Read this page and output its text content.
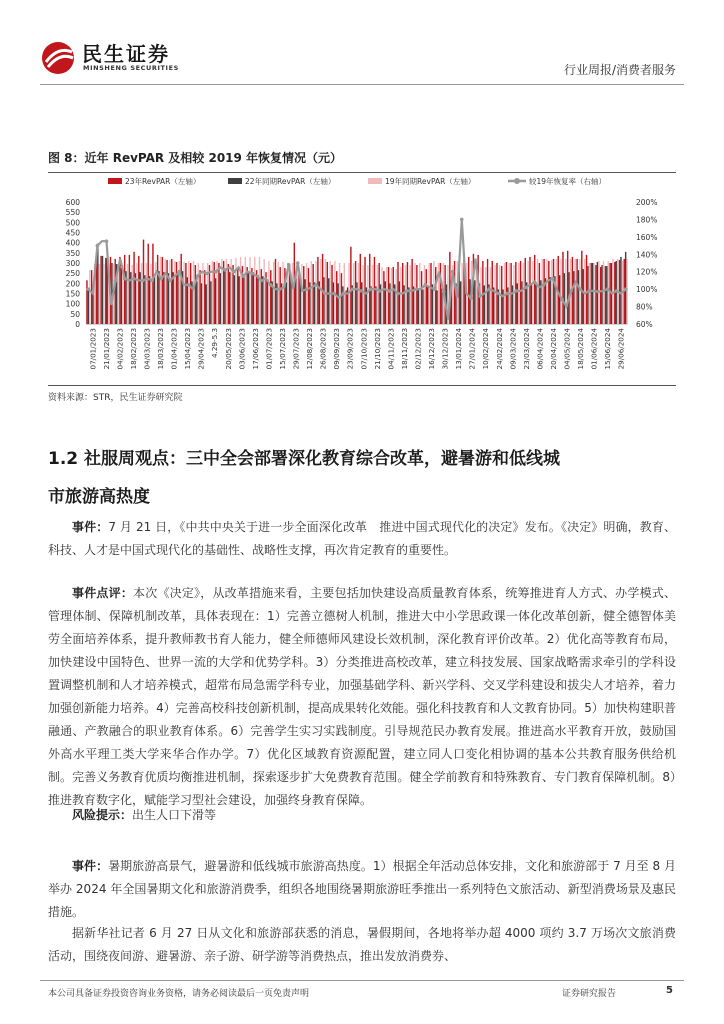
民生证券
MINSHENG SECURITIES	行业周报/消费者服务
图 8：近年 RevPAR 及相较 2019 年恢复情况（元）
23年RevPAR（左轴）	22年同期RevPAR（左轴）	19年同期RevPAR（左轴）	较19年恢复率（右轴）
0
50
100
150
200
250
300
350
400
450
500
550
600
60%
80%
100%
120%
140%
160%
180%
200%
07/01/2023 21/01/2023 04/02/2023 18/02/2023 04/03/2023 18/03/2023 01/04/2023 15/04/2023 29/04/2023 4.29-5.3 20/05/2023 03/06/2023 17/06/2023 01/07/2023 15/07/2023 29/07/2023 12/08/2023 26/08/2023 09/09/2023 23/09/2023 07/10/2023 21/10/2023 04/11/2023 18/11/2023 02/12/2023 16/12/2023 30/12/2023 13/01/2024 27/01/2024 10/02/2024 24/02/2024 09/03/2024 23/03/2024 06/04/2024 20/04/2024 04/05/2024 18/05/2024 01/06/2024 15/06/2024 29/06/2024
资料来源：STR，民生证券研究院
1.2 社服周观点：三中全会部署深化教育综合改革，避暑游和低线城
市旅游高热度
事件：7 月 21 日，《中共中央关于进一步全面深化改革　推进中国式现代化的决定》发布。《决定》明确，教育、科技、人才是中国式现代化的基础性、战略性支撑，再次肯定教育的重要性。
事件点评：本次《决定》，从改革措施来看，主要包括加快建设高质量教育体系，统筹推进育人方式、办学模式、管理体制、保障机制改革，具体表现在：1）完善立德树人机制，推进大中小学思政课一体化改革创新，健全德智体美劳全面培养体系，提升教师教书育人能力，健全师德师风建设长效机制，深化教育评价改革。2）优化高等教育布局，加快建设中国特色、世界一流的大学和优势学科。3）分类推进高校改革，建立科技发展、国家战略需求牵引的学科设置调整机制和人才培养模式，超常布局急需学科专业，加强基础学科、新兴学科、交叉学科建设和拔尖人才培养，着力加强创新能力培养。4）完善高校科技创新机制，提高成果转化效能。强化科技教育和人文教育协同。5）加快构建职普融通、产教融合的职业教育体系。6）完善学生实习实践制度。引导规范民办教育发展。推进高水平教育开放，鼓励国外高水平理工类大学来华合作办学。7）优化区域教育资源配置，建立同人口变化相协调的基本公共教育服务供给机制。完善义务教育优质均衡推进机制，探索逐步扩大免费教育范围。健全学前教育和特殊教育、专门教育保障机制。8）推进教育数字化，赋能学习型社会建设，加强终身教育保障。
风险提示：出生人口下滑等
事件：暑期旅游高景气，避暑游和低线城市旅游高热度。1）根据全年活动总体安排，文化和旅游部于 7 月至 8 月举办 2024 年全国暑期文化和旅游消费季，组织各地围绕暑期旅游旺季推出一系列特色文旅活动、新型消费场景及惠民措施。
据新华社记者 6 月 27 日从文化和旅游部获悉的消息，暑假期间，各地将举办超 4000 项约 3.7 万场次文旅消费活动，围绕夜间游、避暑游、亲子游、研学游等消费热点，推出发放消费券、
本公司具备证券投资咨询业务资格，请务必阅读最后一页免责声明	证券研究报告	5
